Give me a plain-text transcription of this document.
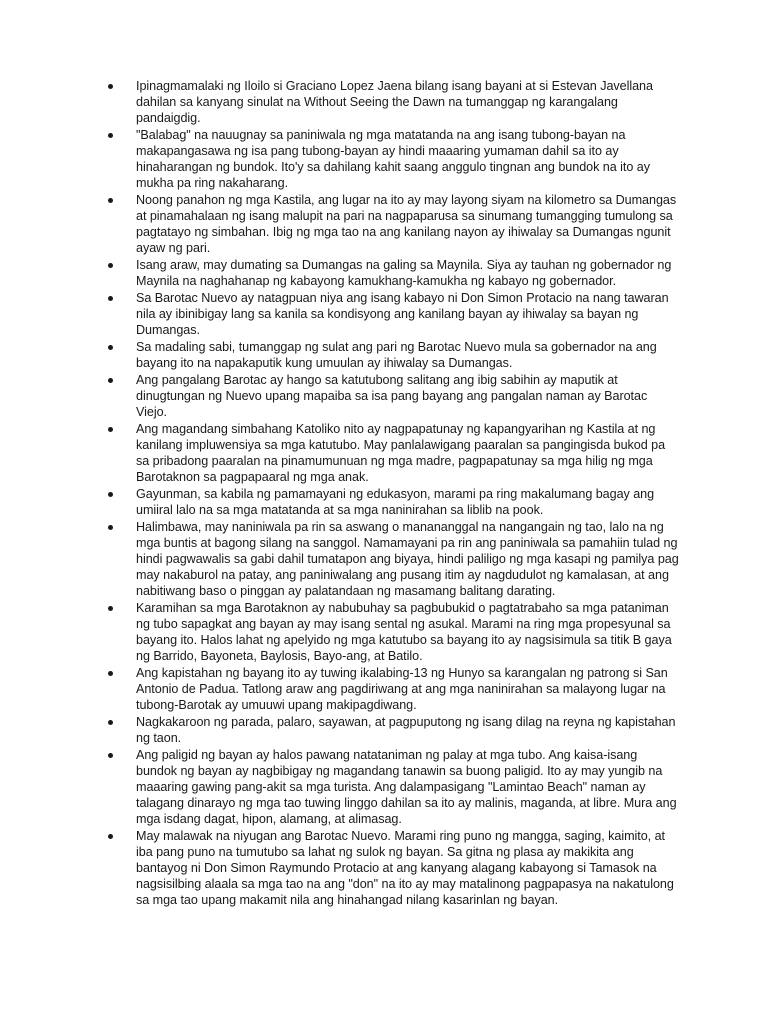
Ipinagmamalaki ng Iloilo si Graciano Lopez Jaena bilang isang bayani at si Estevan Javellana dahilan sa kanyang sinulat na Without Seeing the Dawn na tumanggap ng karangalang pandaigdig.
"Balabag" na nauugnay sa paniniwala ng mga matatanda na ang isang tubong-bayan na makapangasawa ng isa pang tubong-bayan ay hindi maaaring yumaman dahil sa ito ay hinaharangan ng bundok. Ito'y sa dahilang kahit saang anggulo tingnan ang bundok na ito ay mukha pa ring nakaharang.
Noong panahon ng mga Kastila, ang lugar na ito ay may layong siyam na kilometro sa Dumangas at pinamahalaan ng isang malupit na pari na nagpaparusa sa sinumang tumangging tumulong sa pagtatayo ng simbahan. Ibig ng mga tao na ang kanilang nayon ay ihiwalay sa Dumangas ngunit ayaw ng pari.
Isang araw, may dumating sa Dumangas na galing sa Maynila. Siya ay tauhan ng gobernador ng Maynila na naghahanap ng kabayong kamukhang-kamukha ng kabayo ng gobernador.
Sa Barotac Nuevo ay natagpuan niya ang isang kabayo ni Don Simon Protacio na nang tawaran nila ay ibinibigay lang sa kanila sa kondisyong ang kanilang bayan ay ihiwalay sa bayan ng Dumangas.
Sa madaling sabi, tumanggap ng sulat ang pari ng Barotac Nuevo mula sa gobernador na ang bayang ito na napakaputik kung umuulan ay ihiwalay sa Dumangas.
Ang pangalang Barotac ay hango sa katutubong salitang ang ibig sabihin ay maputik at dinugtungan ng Nuevo upang mapaiba sa isa pang bayang ang pangalan naman ay Barotac Viejo.
Ang magandang simbahang Katoliko nito ay nagpapatunay ng kapangyarihan ng Kastila at ng kanilang impluwensiya sa mga katutubo. May panlalawigang paaralan sa pangingisda bukod pa sa pribadong paaralan na pinamumunuan ng mga madre, pagpapatunay sa mga hilig ng mga Barotaknon sa pagpapaaral ng mga anak.
Gayunman, sa kabila ng pamamayani ng edukasyon, marami pa ring makalumang bagay ang umiiral lalo na sa mga matatanda at sa mga naninirahan sa liblib na pook.
Halimbawa, may naniniwala pa rin sa aswang o manananggal na nangangain ng tao, lalo na ng mga buntis at bagong silang na sanggol. Namamayani pa rin ang paniniwala sa pamahiin tulad ng hindi pagwawalis sa gabi dahil tumatapon ang biyaya, hindi paliligo ng mga kasapi ng pamilya pag may nakaburol na patay, ang paniniwalang ang pusang itim ay nagdudulot ng kamalasan, at ang nabitiwang baso o pinggan ay palatandaan ng masamang balitang darating.
Karamihan sa mga Barotaknon ay nabubuhay sa pagbubukid o pagtatrabaho sa mga pataniman ng tubo sapagkat ang bayan ay may isang sental ng asukal. Marami na ring mga propesyunal sa bayang ito. Halos lahat ng apelyido ng mga katutubo sa bayang ito ay nagsisimula sa titik B gaya ng Barrido, Bayoneta, Baylosis, Bayo-ang, at Batilo.
Ang kapistahan ng bayang ito ay tuwing ikalabing-13 ng Hunyo sa karangalan ng patrong si San Antonio de Padua. Tatlong araw ang pagdiriwang at ang mga naninirahan sa malayong lugar na tubong-Barotak ay umuuwi upang makipagdiwang.
Nagkakaroon ng parada, palaro, sayawan, at pagpuputong ng isang dilag na reyna ng kapistahan ng taon.
Ang paligid ng bayan ay halos pawang natataniman ng palay at mga tubo. Ang kaisa-isang bundok ng bayan ay nagbibigay ng magandang tanawin sa buong paligid. Ito ay may yungib na maaaring gawing pang-akit sa mga turista. Ang dalampasigang "Lamintao Beach" naman ay talagang dinarayo ng mga tao tuwing linggo dahilan sa ito ay malinis, maganda, at libre. Mura ang mga isdang dagat, hipon, alamang, at alimasag.
May malawak na niyugan ang Barotac Nuevo. Marami ring puno ng mangga, saging, kaimito, at iba pang puno na tumutubo sa lahat ng sulok ng bayan. Sa gitna ng plasa ay makikita ang bantayog ni Don Simon Raymundo Protacio at ang kanyang alagang kabayong si Tamasok na nagsisilbing alaala sa mga tao na ang "don" na ito ay may matalinong pagpapasya na nakatulong sa mga tao upang makamit nila ang hinahangad nilang kasarinlan ng bayan.
